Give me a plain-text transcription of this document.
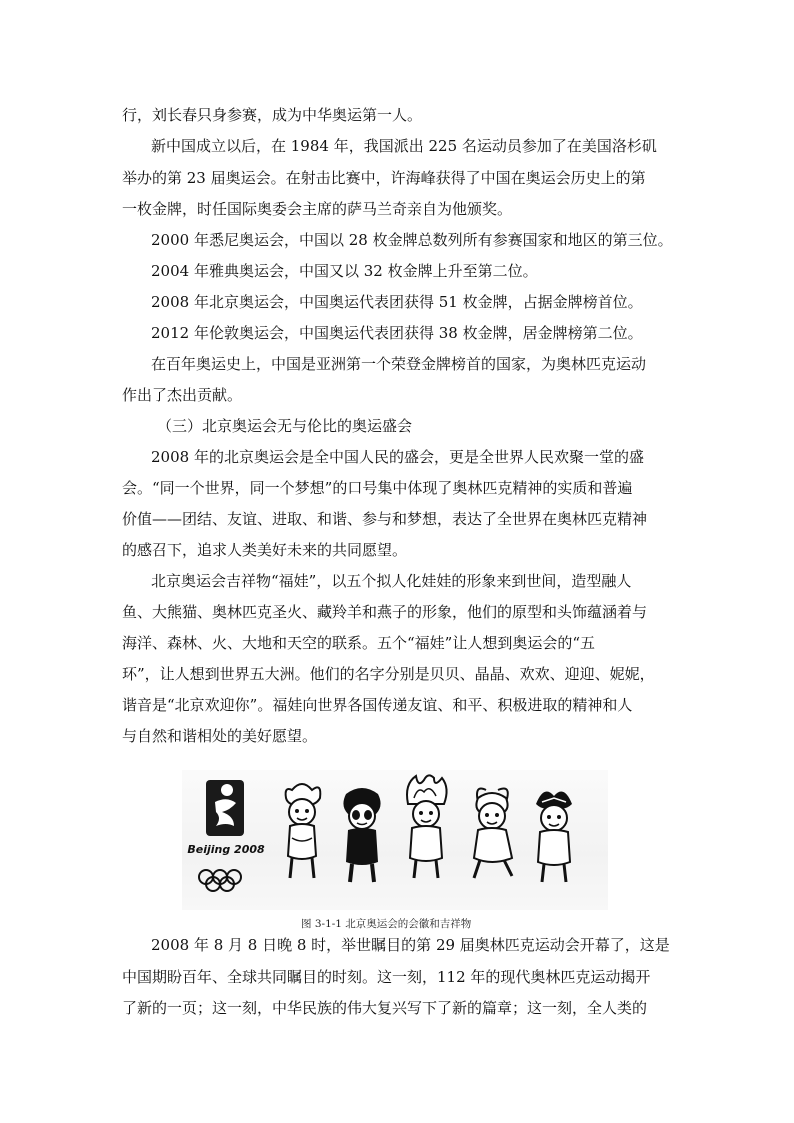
行，刘长春只身参赛，成为中华奥运第一人。
新中国成立以后，在 1984 年，我国派出 225 名运动员参加了在美国洛杉矶
举办的第 23 届奥运会。在射击比赛中，许海峰获得了中国在奥运会历史上的第
一枚金牌，时任国际奥委会主席的萨马兰奇亲自为他颁奖。
2000 年悉尼奥运会，中国以 28 枚金牌总数列所有参赛国家和地区的第三位。
2004 年雅典奥运会，中国又以 32 枚金牌上升至第二位。
2008 年北京奥运会，中国奥运代表团获得 51 枚金牌，占据金牌榜首位。
2012 年伦敦奥运会，中国奥运代表团获得 38 枚金牌，居金牌榜第二位。
在百年奥运史上，中国是亚洲第一个荣登金牌榜首的国家，为奥林匹克运动
作出了杰出贡献。
（三）北京奥运会无与伦比的奥运盛会
2008 年的北京奥运会是全中国人民的盛会，更是全世界人民欢聚一堂的盛
会。“同一个世界，同一个梦想”的口号集中体现了奥林匹克精神的实质和普遍
价值——团结、友谊、进取、和谐、参与和梦想，表达了全世界在奥林匹克精神
的感召下，追求人类美好未来的共同愿望。
北京奥运会吉祥物“福娃”，以五个拟人化娃娃的形象来到世间，造型融人
鱼、大熊猫、奥林匹克圣火、藏羚羊和燕子的形象，他们的原型和头饰蕴涵着与
海洋、森林、火、大地和天空的联系。五个“福娃”让人想到奥运会的“五
环”，让人想到世界五大洲。他们的名字分别是贝贝、晶晶、欢欢、迎迎、妮妮，
谐音是“北京欢迎你”。福娃向世界各国传递友谊、和平、积极进取的精神和人
与自然和谐相处的美好愿望。
Beijing 2008
图 3-1-1 北京奥运会的会徽和吉祥物
2008 年 8 月 8 日晚 8 时，举世瞩目的第 29 届奥林匹克运动会开幕了，这是
中国期盼百年、全球共同瞩目的时刻。这一刻，112 年的现代奥林匹克运动揭开
了新的一页；这一刻，中华民族的伟大复兴写下了新的篇章；这一刻，全人类的
